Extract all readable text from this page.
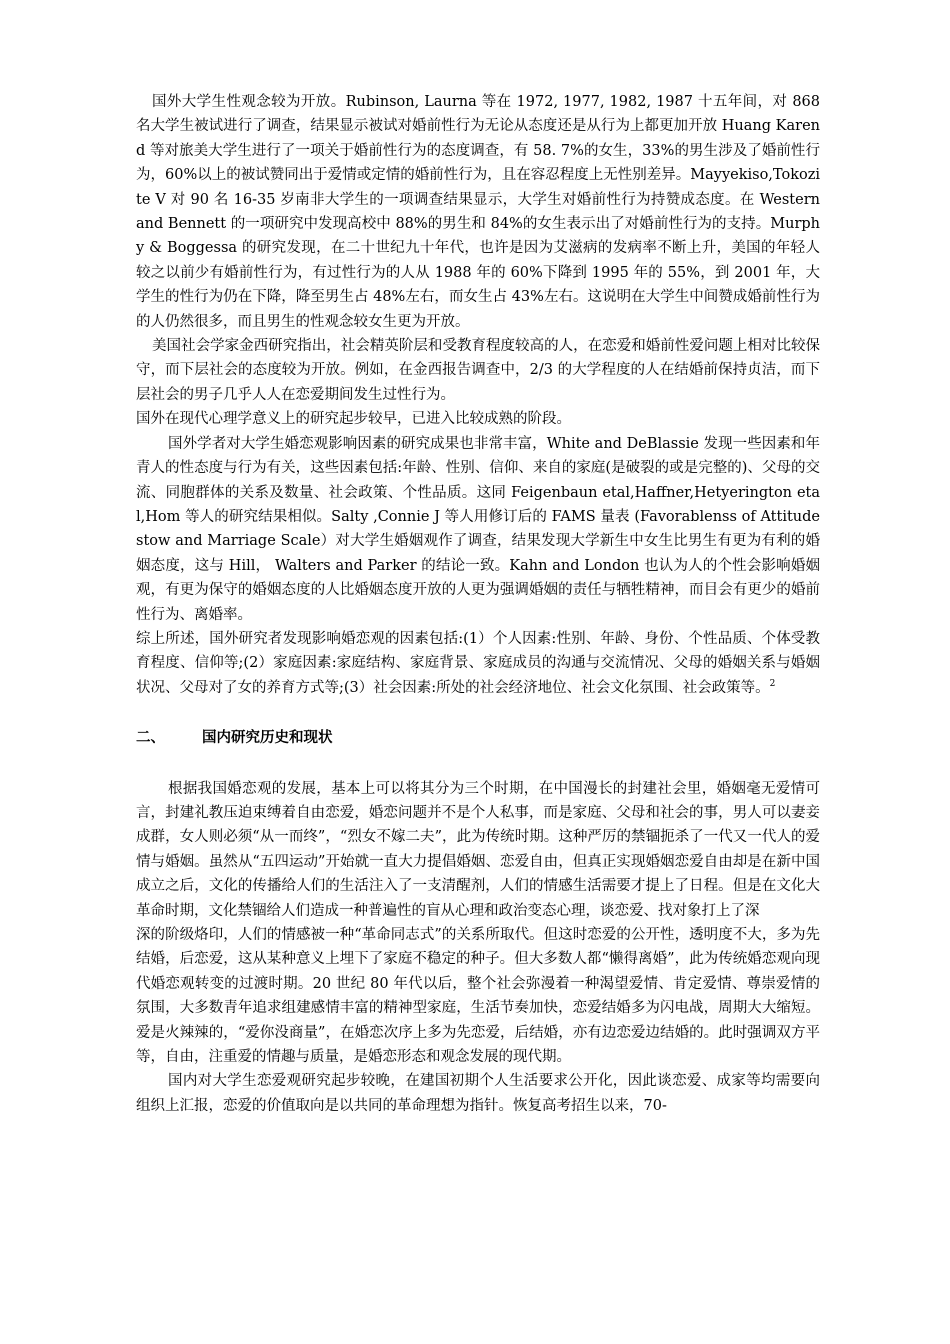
国外大学生性观念较为开放。Rubinson, Laurna 等在 1972, 1977, 1982, 1987 十五年间，对 868 名大学生被试进行了调查，结果显示被试对婚前性行为无论从态度还是从行为上都更加开放 Huang Karend 等对旅美大学生进行了一项关于婚前性行为的态度调查，有 58. 7%的女生，33%的男生涉及了婚前性行为，60%以上的被试赞同出于爱情或定情的婚前性行为，且在容忍程度上无性别差异。Mayyekiso,Tokozite V 对 90 名 16-35 岁南非大学生的一项调查结果显示，大学生对婚前性行为持赞成态度。在 Western and Bennett 的一项研究中发现高校中 88%的男生和 84%的女生表示出了对婚前性行为的支持。Murphy & Boggessa 的研究发现，在二十世纪九十年代，也许是因为艾滋病的发病率不断上升，美国的年轻人较之以前少有婚前性行为，有过性行为的人从 1988 年的 60%下降到 1995 年的 55%，到 2001 年，大学生的性行为仍在下降，降至男生占 48%左右，而女生占 43%左右。这说明在大学生中间赞成婚前性行为的人仍然很多，而且男生的性观念较女生更为开放。

美国社会学家金西研究指出，社会精英阶层和受教育程度较高的人，在恋爱和婚前性爱问题上相对比较保守，而下层社会的态度较为开放。例如，在金西报告调查中，2/3 的大学程度的人在结婚前保持贞洁，而下层社会的男子几乎人人在恋爱期间发生过性行为。

国外在现代心理学意义上的研究起步较早，已进入比较成熟的阶段。

国外学者对大学生婚恋观影响因素的研究成果也非常丰富，White and DeBlassie 发现一些因素和年青人的性态度与行为有关，这些因素包括:年龄、性别、信仰、来自的家庭(是破裂的或是完整的)、父母的交流、同胞群体的关系及数量、社会政策、个性品质。这同 Feigenbaun etal,Haffner,Hetyerington etal,Hom 等人的研究结果相似。Salty ,Connie J 等人用修订后的 FAMS 量表 (Favorablenss of Attitudestow and Marriage Scale）对大学生婚姻观作了调查，结果发现大学新生中女生比男生有更为有利的婚姻态度，这与 Hill， Walters and Parker 的结论一致。Kahn and London 也认为人的个性会影响婚姻观，有更为保守的婚姻态度的人比婚姻态度开放的人更为强调婚姻的责任与牺牲精神，而目会有更少的婚前性行为、离婚率。

综上所述，国外研究者发现影响婚恋观的因素包括:(1）个人因素:性别、年龄、身份、个性品质、个体受教育程度、信仰等;(2）家庭因素:家庭结构、家庭背景、家庭成员的沟通与交流情况、父母的婚姻关系与婚姻状况、父母对了女的养育方式等;(3）社会因素:所处的社会经济地位、社会文化氛围、社会政策等。$^2$

二、	国内研究历史和现状

根据我国婚恋观的发展，基本上可以将其分为三个时期，在中国漫长的封建社会里，婚姻毫无爱情可言，封建礼教压迫束缚着自由恋爱，婚恋问题并不是个人私事，而是家庭、父母和社会的事，男人可以妻妾成群，女人则必须“从一而终”，“烈女不嫁二夫”，此为传统时期。这种严厉的禁锢扼杀了一代又一代人的爱情与婚姻。虽然从“五四运动”开始就一直大力提倡婚姻、恋爱自由，但真正实现婚姻恋爱自由却是在新中国成立之后，文化的传播给人们的生活注入了一支清醒剂，人们的情感生活需要才提上了日程。但是在文化大革命时期，文化禁锢给人们造成一种普遍性的盲从心理和政治变态心理，谈恋爱、找对象打上了深

深的阶级烙印，人们的情感被一种“革命同志式”的关系所取代。但这时恋爱的公开性，透明度不大，多为先结婚，后恋爱，这从某种意义上埋下了家庭不稳定的种子。但大多数人都“懒得离婚”，此为传统婚恋观向现代婚恋观转变的过渡时期。20 世纪 80 年代以后，整个社会弥漫着一种渴望爱情、肯定爱情、尊崇爱情的氛围，大多数青年追求组建感情丰富的精神型家庭，生活节奏加快，恋爱结婚多为闪电战，周期大大缩短。爱是火辣辣的，“爱你没商量”，在婚恋次序上多为先恋爱，后结婚，亦有边恋爱边结婚的。此时强调双方平等，自由，注重爱的情趣与质量，是婚恋形态和观念发展的现代期。

国内对大学生恋爱观研究起步较晚，在建国初期个人生活要求公开化，因此谈恋爱、成家等均需要向组织上汇报，恋爱的价值取向是以共同的革命理想为指针。恢复高考招生以来，70-
